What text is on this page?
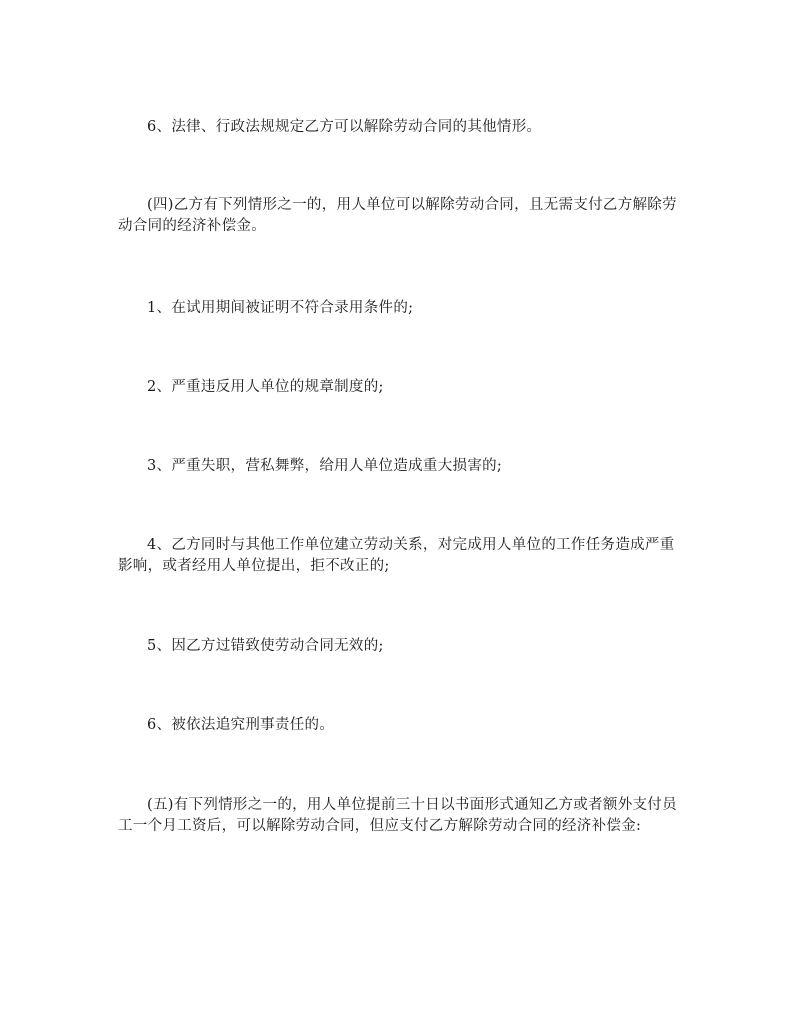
6、法律、行政法规规定乙方可以解除劳动合同的其他情形。

(四)乙方有下列情形之一的，用人单位可以解除劳动合同，且无需支付乙方解除劳动合同的经济补偿金。

1、在试用期间被证明不符合录用条件的;

2、严重违反用人单位的规章制度的;

3、严重失职，营私舞弊，给用人单位造成重大损害的;

4、乙方同时与其他工作单位建立劳动关系，对完成用人单位的工作任务造成严重影响，或者经用人单位提出，拒不改正的;

5、因乙方过错致使劳动合同无效的;

6、被依法追究刑事责任的。

(五)有下列情形之一的，用人单位提前三十日以书面形式通知乙方或者额外支付员工一个月工资后，可以解除劳动合同，但应支付乙方解除劳动合同的经济补偿金:
